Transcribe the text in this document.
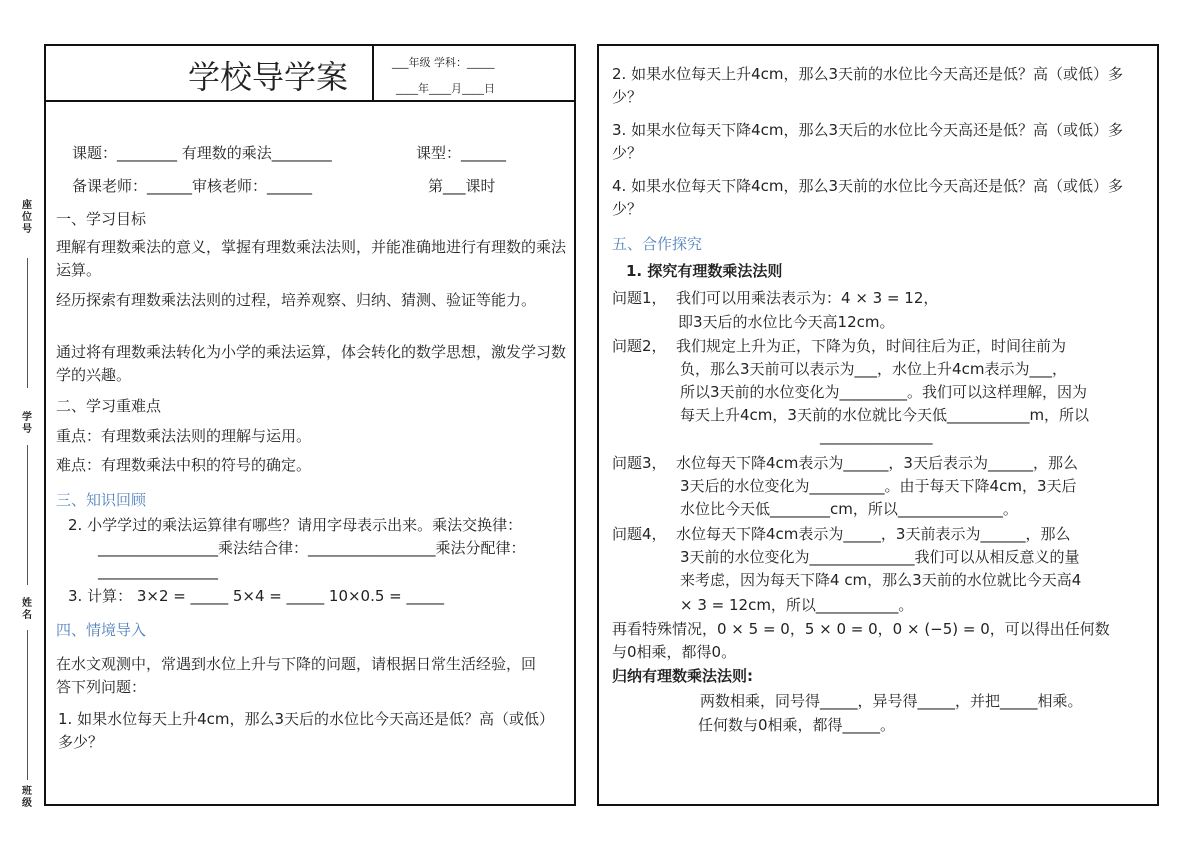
座位号
学号
姓名
班级
学校导学案	___年级 学科：_____
____年____月____日
课题：________ 有理数的乘法________	课型：______
备课老师：______审核老师：______	第___课时
一、学习目标
理解有理数乘法的意义，掌握有理数乘法法则，并能准确地进行有理数的乘法运算。
经历探索有理数乘法法则的过程，培养观察、归纳、猜测、验证等能力。
通过将有理数乘法转化为小学的乘法运算，体会转化的数学思想，激发学习数学的兴趣。
二、学习重难点
重点：有理数乘法法则的理解与运用。
难点：有理数乘法中积的符号的确定。
三、知识回顾
2. 小学学过的乘法运算律有哪些？请用字母表示出来。乘法交换律：________________乘法结合律：_________________乘法分配律：________________
3. 计算： 3×2 = _____ 5×4 = _____ 10×0.5 = _____
四、情境导入
在水文观测中，常遇到水位上升与下降的问题，请根据日常生活经验，回答下列问题：
1. 如果水位每天上升4cm，那么3天后的水位比今天高还是低？高（或低）多少？
2. 如果水位每天上升4cm，那么3天前的水位比今天高还是低？高（或低）多少？
3. 如果水位每天下降4cm，那么3天后的水位比今天高还是低？高（或低）多少？
4. 如果水位每天下降4cm，那么3天前的水位比今天高还是低？高（或低）多少？
五、合作探究
1. 探究有理数乘法法则
问题1， 我们可以用乘法表示为：4 × 3 = 12，
即3天后的水位比今天高12cm。
问题2， 我们规定上升为正，下降为负，时间往后为正，时间往前为
负，那么3天前可以表示为___，水位上升4cm表示为___，
所以3天前的水位变化为_________。我们可以这样理解，因为
每天上升4cm，3天前的水位就比今天低___________m，所以
_______________
问题3， 水位每天下降4cm表示为______，3天后表示为______，那么
3天后的水位变化为__________。由于每天下降4cm，3天后
水位比今天低________cm，所以______________。
问题4， 水位每天下降4cm表示为_____，3天前表示为______，那么
3天前的水位变化为______________我们可以从相反意义的量
来考虑，因为每天下降4 cm，那么3天前的水位就比今天高4
× 3 = 12cm，所以___________。
再看特殊情况，0 × 5 = 0，5 × 0 = 0，0 × (−5) = 0，可以得出任何数
与0相乘，都得0。
归纳有理数乘法法则:
两数相乘，同号得_____，异号得_____，并把_____相乘。
任何数与0相乘，都得_____。
